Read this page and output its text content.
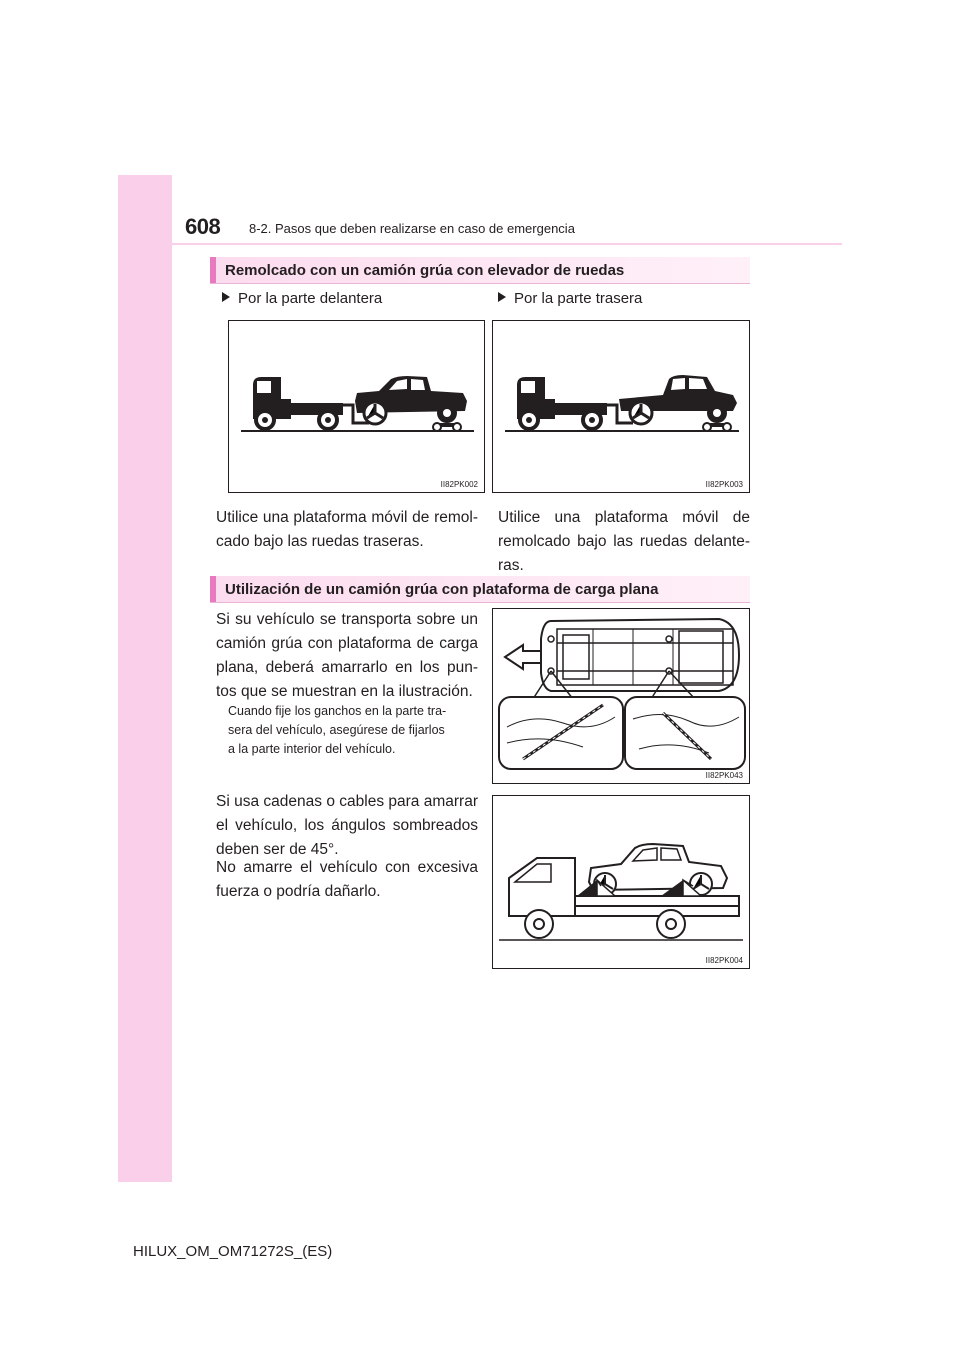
608 8-2. Pasos que deben realizarse en caso de emergencia
Remolcado con un camión grúa con elevador de ruedas
Por la parte delantera	Por la parte trasera
II82PK002	II82PK003
Utilice una plataforma móvil de remol-
cado bajo las ruedas traseras.
Utilice una plataforma móvil de
remolcado bajo las ruedas delante-
ras.
Utilización de un camión grúa con plataforma de carga plana
Si su vehículo se transporta sobre un
camión grúa con plataforma de carga
plana, deberá amarrarlo en los pun-
tos que se muestran en la ilustración.
Cuando fije los ganchos en la parte tra-
sera del vehículo, asegúrese de fijarlos
a la parte interior del vehículo.
II82PK043
Si usa cadenas o cables para amarrar
el vehículo, los ángulos sombreados
deben ser de 45°.
No amarre el vehículo con excesiva
fuerza o podría dañarlo.
II82PK004
HILUX_OM_OM71272S_(ES)
